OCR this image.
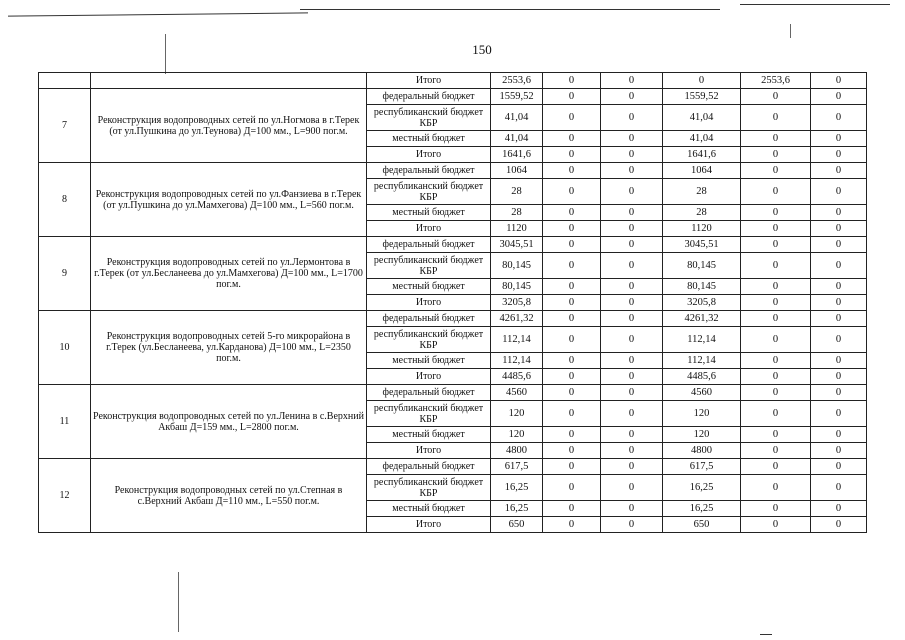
150
		Итого	2553,6	0	0	0	2553,6	0
7	Реконструкция водопроводных сетей по ул.Ногмова в г.Терек (от ул.Пушкина до ул.Теунова) Д=100 мм., L=900 пог.м.	федеральный бюджет	1559,52	0	0	1559,52	0	0
		республиканский бюджет КБР	41,04	0	0	41,04	0	0
		местный бюджет	41,04	0	0	41,04	0	0
		Итого	1641,6	0	0	1641,6	0	0
8	Реконструкция водопроводных сетей по ул.Фанзиева в г.Терек (от ул.Пушкина до ул.Мамхегова) Д=100 мм., L=560 пог.м.	федеральный бюджет	1064	0	0	1064	0	0
		республиканский бюджет КБР	28	0	0	28	0	0
		местный бюджет	28	0	0	28	0	0
		Итого	1120	0	0	1120	0	0
9	Реконструкция водопроводных сетей по ул.Лермонтова в г.Терек (от ул.Бесланеева до ул.Мамхегова) Д=100 мм., L=1700 пог.м.	федеральный бюджет	3045,51	0	0	3045,51	0	0
		республиканский бюджет КБР	80,145	0	0	80,145	0	0
		местный бюджет	80,145	0	0	80,145	0	0
		Итого	3205,8	0	0	3205,8	0	0
10	Реконструкция водопроводных сетей 5-го микрорайона в г.Терек (ул.Бесланеева, ул.Карданова) Д=100 мм., L=2350 пог.м.	федеральный бюджет	4261,32	0	0	4261,32	0	0
		республиканский бюджет КБР	112,14	0	0	112,14	0	0
		местный бюджет	112,14	0	0	112,14	0	0
		Итого	4485,6	0	0	4485,6	0	0
11	Реконструкция водопроводных сетей по ул.Ленина в с.Верхний Акбаш Д=159 мм., L=2800 пог.м.	федеральный бюджет	4560	0	0	4560	0	0
		республиканский бюджет КБР	120	0	0	120	0	0
		местный бюджет	120	0	0	120	0	0
		Итого	4800	0	0	4800	0	0
12	Реконструкция водопроводных сетей по ул.Степная в с.Верхний Акбаш Д=110 мм., L=550 пог.м.	федеральный бюджет	617,5	0	0	617,5	0	0
		республиканский бюджет КБР	16,25	0	0	16,25	0	0
		местный бюджет	16,25	0	0	16,25	0	0
		Итого	650	0	0	650	0	0
